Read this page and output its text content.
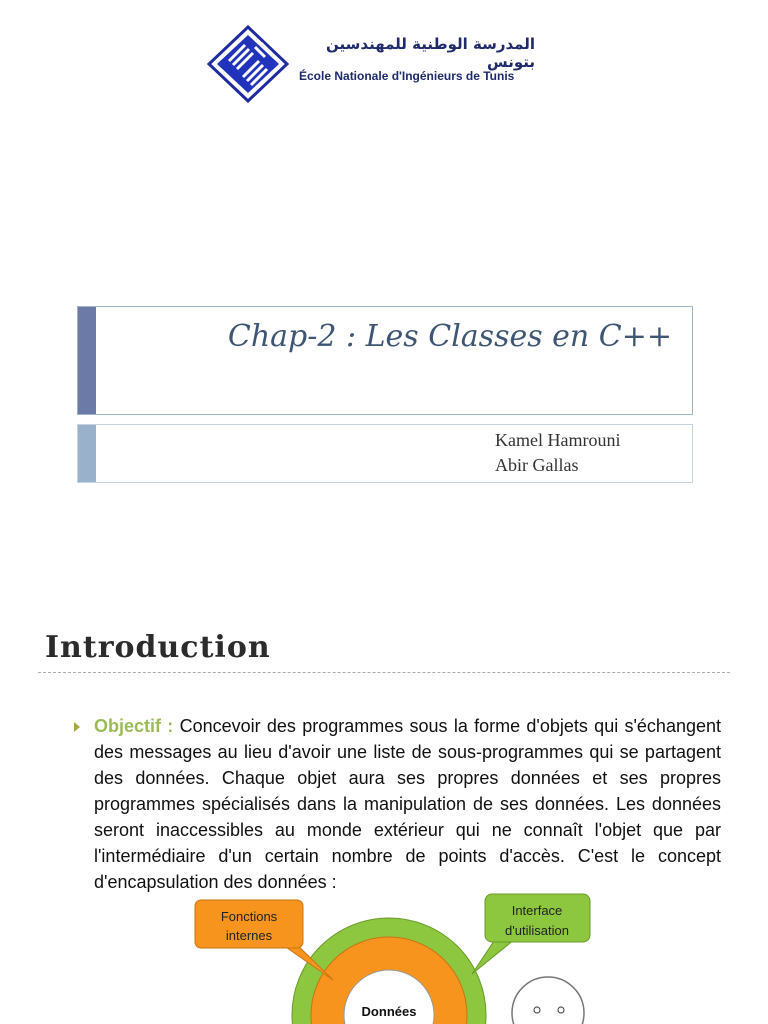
المدرسة الوطنية للمهندسين بتونس
École Nationale d'Ingénieurs de Tunis
Chap-2 : Les Classes en C++
Kamel Hamrouni
Abir Gallas
Introduction
Objectif : Concevoir des programmes sous la forme d'objets qui s'échangent des messages au lieu d'avoir une liste de sous-programmes qui se partagent des données. Chaque objet aura ses propres données et ses propres programmes spécialisés dans la manipulation de ses données. Les données seront inaccessibles au monde extérieur qui ne connaît l'objet que par l'intermédiaire d'un certain nombre de points d'accès. C'est le concept d'encapsulation des données :
Données
Fonctions
internes
Interface
d'utilisation
